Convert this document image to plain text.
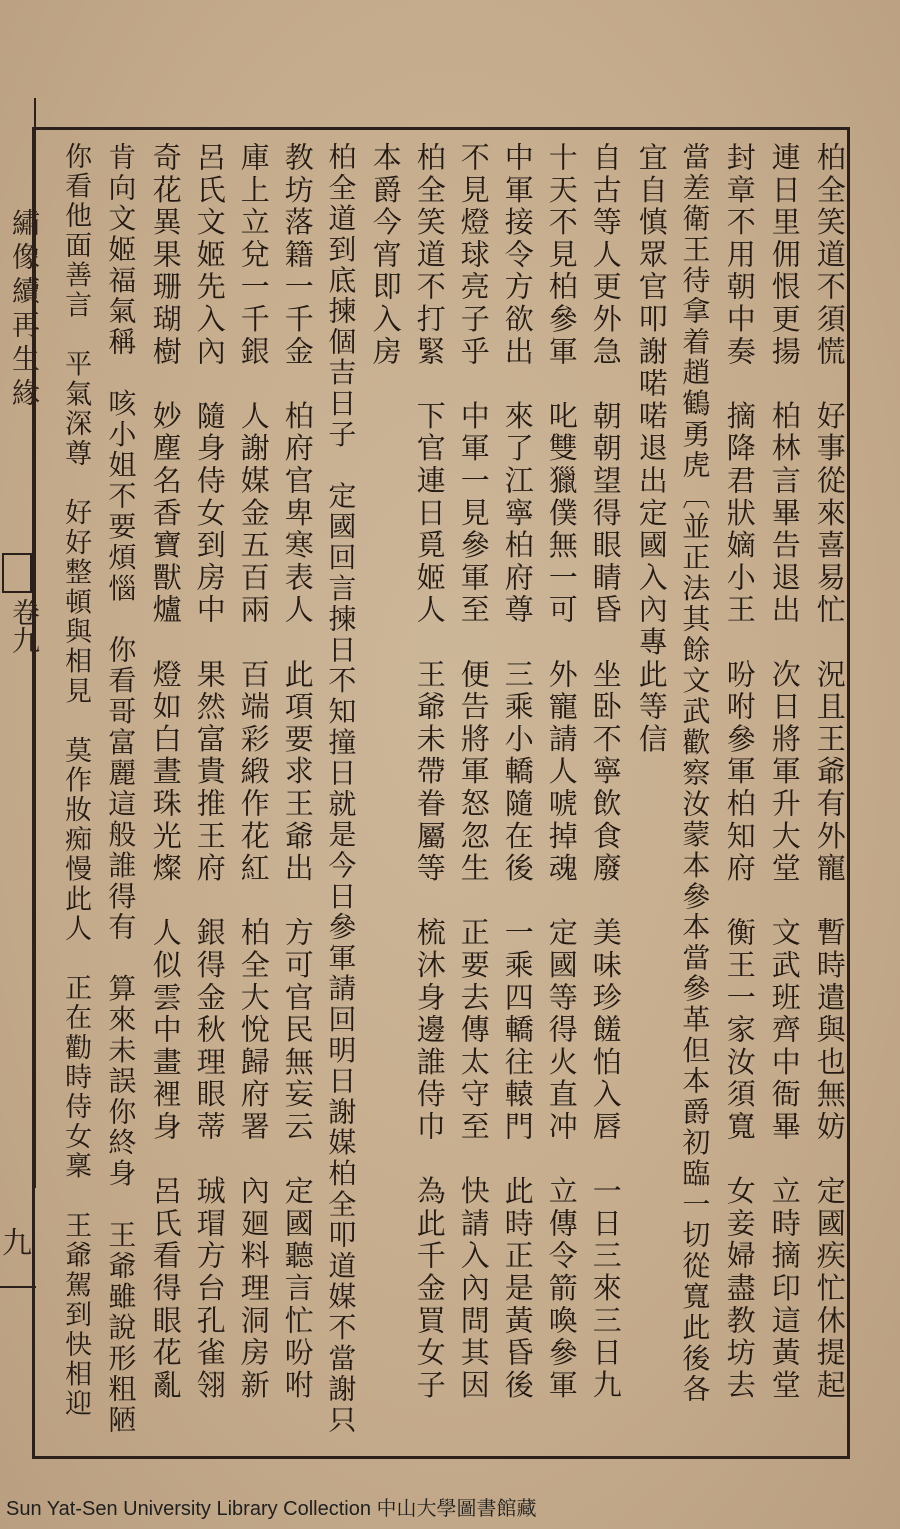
繡像續再生緣
卷九
九	柏全笑道不須慌　好事從來喜易忙　況且王爺有外寵　暫時遣與也無妨　定國疾忙休提起
連日里佣恨更揚　柏林言畢告退出　次日將軍升大堂　文武班齊中衙畢　立時摘印這黃堂
封章不用朝中奏　摘降君狀嫡小王　吩咐參軍柏知府　衡王一家汝須寬　女妾婦盡教坊去
當差衛王待拿着趙鶴勇虎〔並正法其餘文武歡察汝蒙本參本當參革但本爵初臨一切從寬此後各
宜自慎眾官叩謝喏喏退出定國入內專此等信
自古等人更外急　朝朝望得眼睛昏　坐卧不寧飲食廢　美味珍饈怕入唇　一日三來三日九
十天不見柏參軍　叱雙獵僕無一可　外寵請人唬掉魂　定國等得火直冲　立傳令箭喚參軍
中軍接令方欲出　來了江寧柏府尊　三乘小轎隨在後　一乘四轎往轅門　此時正是黃昏後
不見燈球亮子乎　中軍一見參軍至　便告將軍怒忽生　正要去傳太守至　快請入內問其因
柏全笑道不打緊　下官連日覓姬人　王爺未帶眷屬等　梳沐身邊誰侍巾　為此千金買女子
本爵今宵即入房
柏全道到底揀個吉日子　定國回言揀日不知撞日就是今日參軍請回明日謝媒柏全叩道媒不當謝只
教坊落籍一千金　柏府官卑寒表人　此項要求王爺出　方可官民無妄云　定國聽言忙吩咐
庫上立兌一千銀　人謝媒金五百兩　百端彩緞作花紅　柏全大悅歸府署　內廻料理洞房新
呂氏文姬先入內　隨身侍女到房中　果然富貴推王府　銀得金秋理眼蒂　珹瑁方台孔雀翎
奇花異果珊瑚樹　妙塵名香寶獸爐　燈如白晝珠光燦　人似雲中畫裡身　呂氏看得眼花亂
肯向文姬福氣稱　咳小姐不要煩惱　你看哥富麗這般誰得有　算來未誤你終身　王爺雖說形粗陋
你看他面善言　平氣深尊　好好整頓與相見　莫作妝痴慢此人　正在勸時侍女稟　王爺駕到快相迎
Sun Yat-Sen University Library Collection 中山大學圖書館藏
